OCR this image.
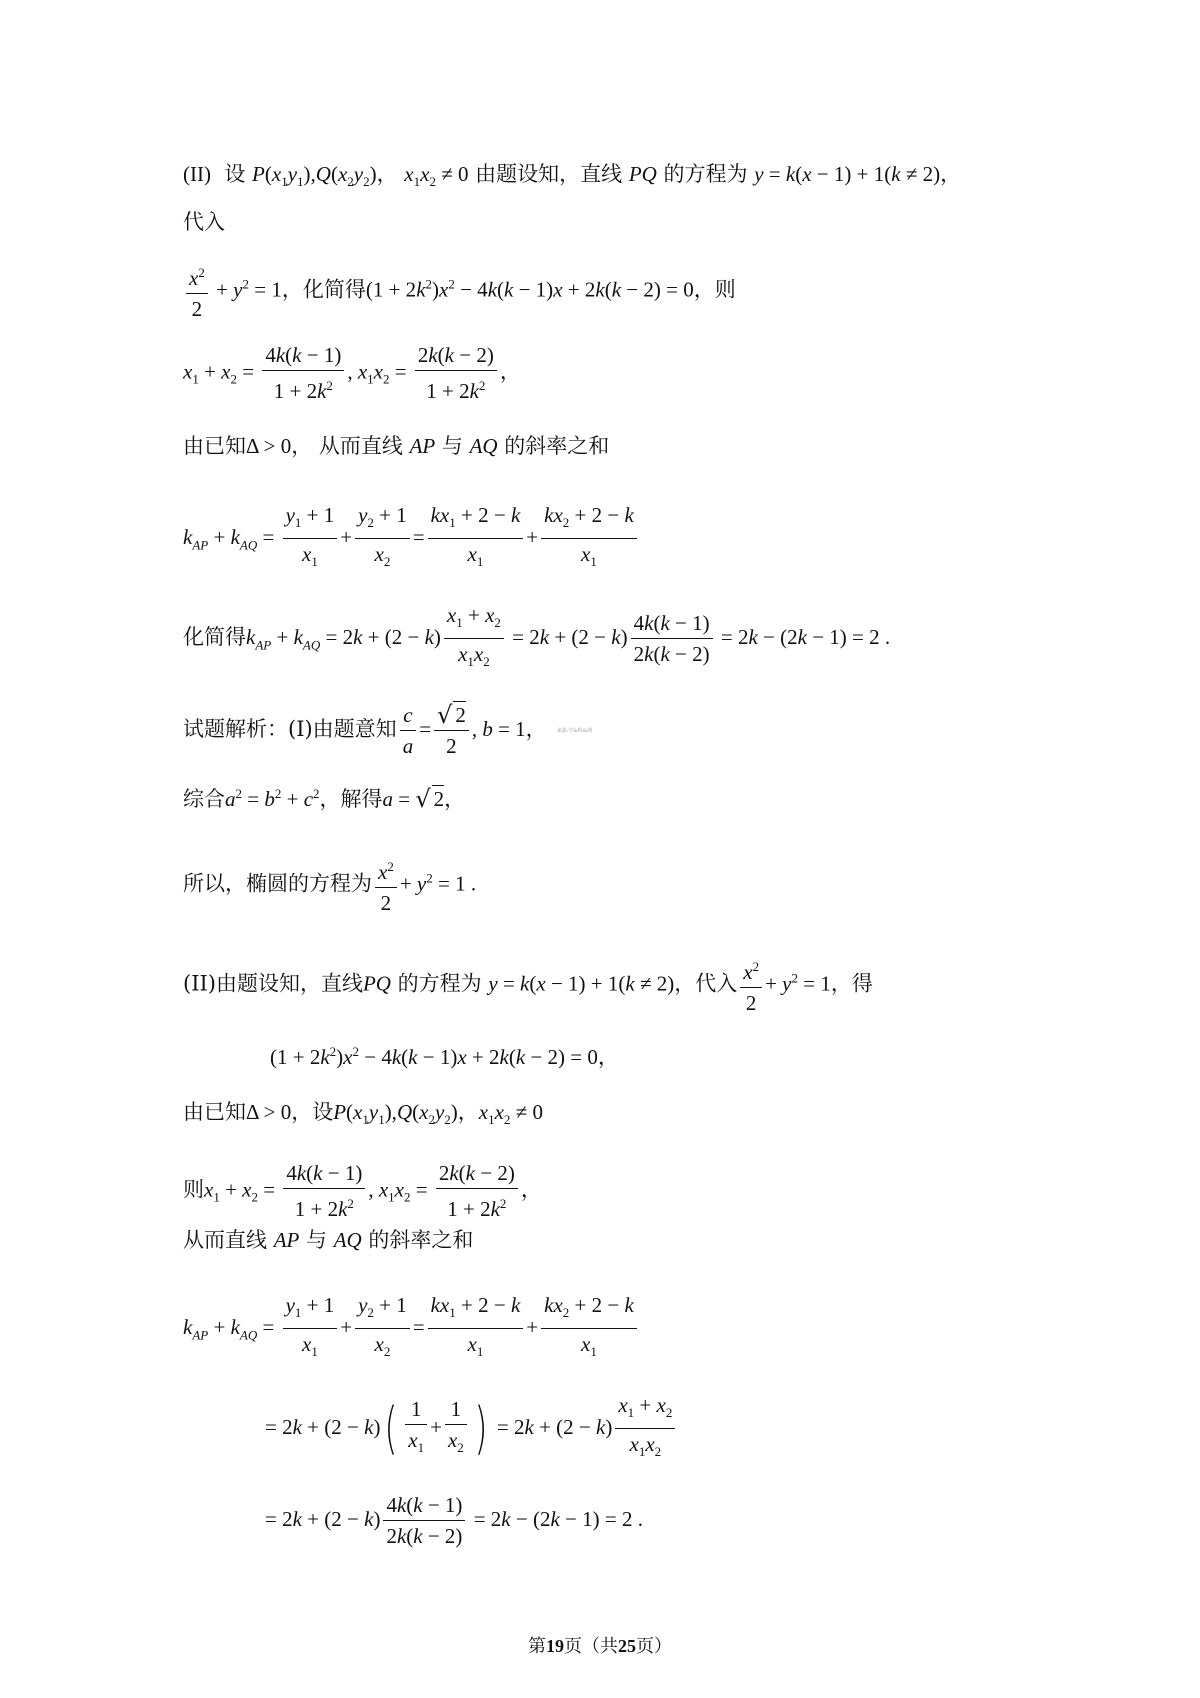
(II) 设 $P(x_1y_1),Q(x_2y_2)$， $x_1x_2 \ne 0$ 由题设知，直线 PQ 的方程为 y = k(x − 1) + 1(k ≠ 2)，
代入
$\frac{x^2}{2} + y^2 = 1$，化简得$(1 + 2k^2)x^2 - 4k(k - 1)x + 2k(k - 2) = 0$，则
$x_1 + x_2 = \frac{4k(k - 1)}{1 + 2k^2}$ , $x_1x_2 = \frac{2k(k - 2)}{1 + 2k^2}$ ，
由已知Δ > 0， 从而直线 AP 与 AQ 的斜率之和
$k_{AP} + k_{AQ} = \frac{y_1 + 1}{x_1} + \frac{y_2 + 1}{x_2} = \frac{kx_1 + 2 - k}{x_1} + \frac{kx_2 + 2 - k}{x_1}$
化简得$k_{AP} + k_{AQ} = 2k + (2 - k) \frac{x_1 + x_2}{x_1x_2} = 2k + (2 - k) \frac{4k(k - 1)}{2k(k - 2)} = 2k - (2k - 1) = 2$ .
试题解析：(I)由题意知 $\frac{c}{a} = \frac{√ 2}{2}$ , b = 1， 来源:学&科&网
综合$a^2 = b^2 + c^2$，解得a = √ 2，
所以，椭圆的方程为 $\frac{x^2}{2} + y^2 = 1$ .
(II)由题设知，直线PQ 的方程为 y = k(x − 1) + 1(k ≠ 2)，代入 $\frac{x^2}{2} + y^2 = 1$，得
$(1 + 2k^2)x^2 - 4k(k - 1)x + 2k(k - 2) = 0$，
由已知Δ > 0，设$P(x_1y_1),Q(x_2y_2)$，$x_1x_2 \ne 0$
则$x_1 + x_2 = \frac{4k(k - 1)}{1 + 2k^2}$ , $x_1x_2 = \frac{2k(k - 2)}{1 + 2k^2}$ ，
从而直线 AP 与 AQ 的斜率之和
$k_{AP} + k_{AQ} = \frac{y_1 + 1}{x_1} + \frac{y_2 + 1}{x_2} = \frac{kx_1 + 2 - k}{x_1} + \frac{kx_2 + 2 - k}{x_1}$
= $2k + (2 - k)( \frac{1}{x_1} + \frac{1}{x_2}$ ) = $2k + (2 - k) \frac{x_1 + x_2}{x_1x_2}$
= $2k + (2 - k) \frac{4k(k - 1)}{2k(k - 2)} = 2k - (2k - 1) = 2$ .
第19页（共25页）
